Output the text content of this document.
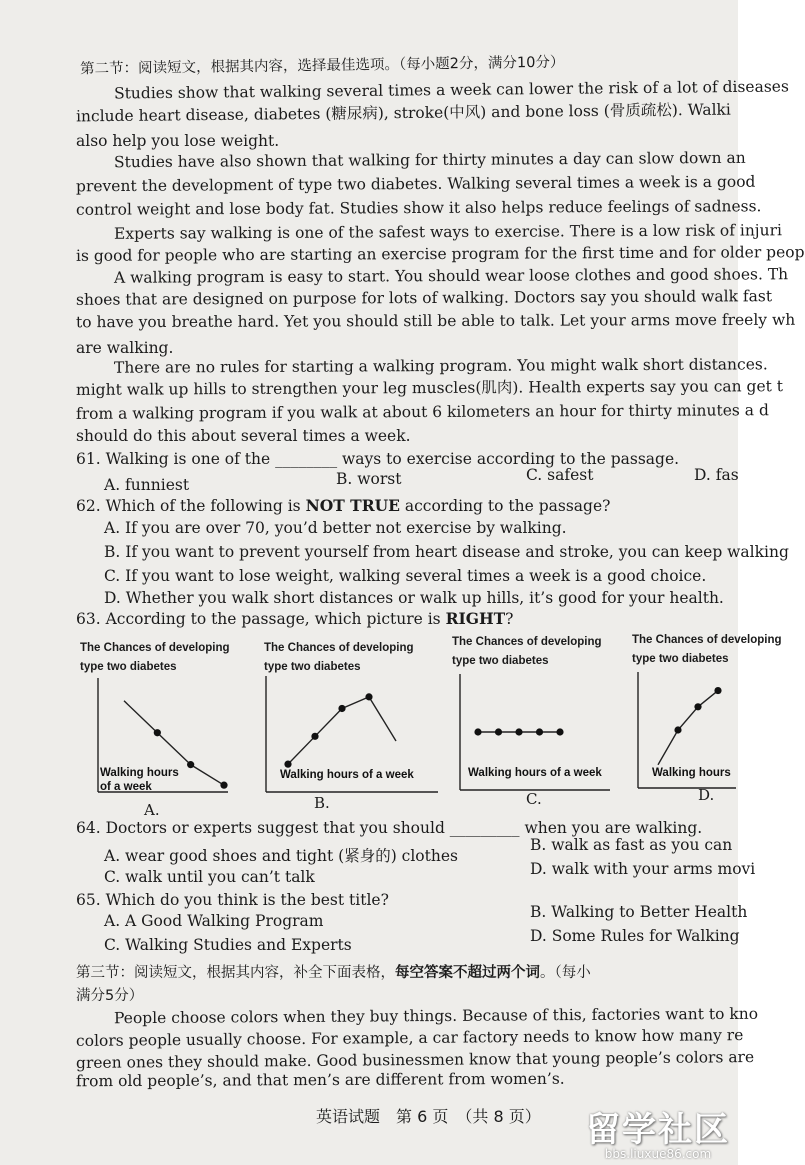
第二节：阅读短文，根据其内容，选择最佳选项。（每小题2分，满分10分）
Studies show that walking several times a week can lower the risk of a lot of diseases
include heart disease, diabetes (糖尿病), stroke(中风) and bone loss (骨质疏松). Walki
also help you lose weight.
Studies have also shown that walking for thirty minutes a day can slow down an
prevent the development of type two diabetes. Walking several times a week is a good
control weight and lose body fat. Studies show it also helps reduce feelings of sadness.
Experts say walking is one of the safest ways to exercise. There is a low risk of injuri
is good for people who are starting an exercise program for the first time and for older peop
A walking program is easy to start. You should wear loose clothes and good shoes. Th
shoes that are designed on purpose for lots of walking. Doctors say you should walk fast
to have you breathe hard. Yet you should still be able to talk. Let your arms move freely wh
are walking.
There are no rules for starting a walking program. You might walk short distances.
might walk up hills to strengthen your leg muscles(肌肉). Health experts say you can get t
from a walking program if you walk at about 6 kilometers an hour for thirty minutes a d
should do this about several times a week.
61. Walking is one of the ________ ways to exercise according to the passage.
A. funniest	B. worst	C. safest	D. fas
62. Which of the following is NOT TRUE according to the passage?
A. If you are over 70, you’d better not exercise by walking.
B. If you want to prevent yourself from heart disease and stroke, you can keep walking
C. If you want to lose weight, walking several times a week is a good choice.
D. Whether you walk short distances or walk up hills, it’s good for your health.
63. According to the passage, which picture is RIGHT?
The Chances of developing
type two diabetes
Walking hours of a week
A.
The Chances of developing
type two diabetes
Walking hours of a week
B.
The Chances of developing
type two diabetes
Walking hours of a week
C.
The Chances of developing
type two diabetes
Walking hours
D.
64. Doctors or experts suggest that you should _________ when you are walking.
A. wear good shoes and tight (紧身的) clothes
B. walk as fast as you can
C. walk until you can’t talk	D. walk with your arms movi
65. Which do you think is the best title?
A. A Good Walking Program	B. Walking to Better Health
C. Walking Studies and Experts	D. Some Rules for Walking
第三节：阅读短文，根据其内容，补全下面表格，每空答案不超过两个词。（每小
满分5分）
People choose colors when they buy things. Because of this, factories want to kno
colors people usually choose. For example, a car factory needs to know how many re
green ones they should make. Good businessmen know that young people’s colors are
from old people’s, and that men’s are different from women’s.
英语试题　第 6 页　（共 8 页） 留学社区
bbs.liuxue86.com
